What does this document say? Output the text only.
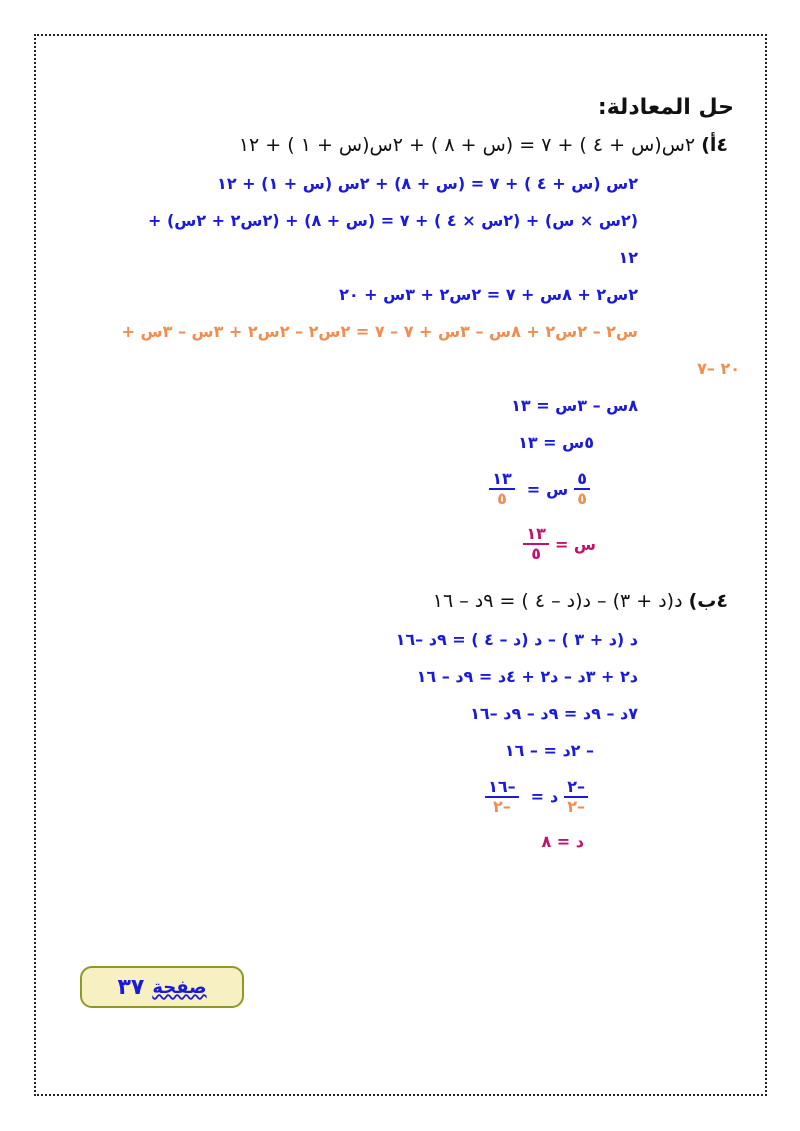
حل المعادلة:
٤أ) ٢س(س + ٤ ) + ٧ = (س + ٨ ) + ٢س(س + ١ ) + ١٢
٢س (س + ٤ ) + ٧ = (س + ٨) + ٢س (س + ١) + ١٢
(٢س × س) + (٢س × ٤ ) + ٧ = (س + ٨) + (٢س٢ + ٢س) +
١٢
٢س٢ + ٨س + ٧ = ٢س٢ + ٣س + ٢٠
س٢ – ٢س٢ + ٨س – ٣س + ٧ – ٧ = ٢س٢ – ٢س٢ + ٣س – ٣س +
٢٠ –٧
٨س – ٣س = ١٣
٥س = ١٣
$\frac{٥}{٥}$
س
=
$\frac{١٣}{٥}$
س =
$\frac{١٣}{٥}$
٤ب) د(د + ٣) – د(د – ٤ ) = ٩د – ١٦
د (د + ٣ ) – د (د – ٤ ) = ٩د –١٦
د٢ + ٣د – د٢ + ٤د = ٩د – ١٦
٧د – ٩د = ٩د – ٩د –١٦
– ٢د = – ١٦
$\frac{-٢}{-٢}$
د
=
$\frac{-١٦}{-٢}$
د = ٨
صفحة
٣٧
